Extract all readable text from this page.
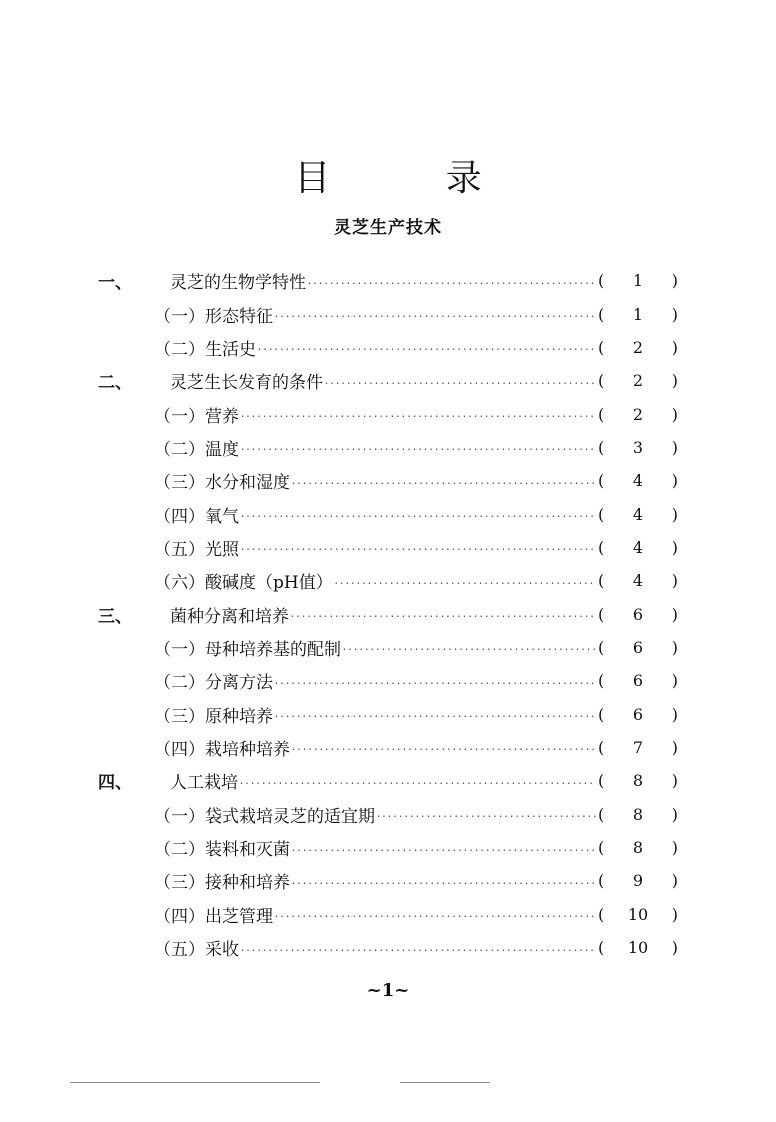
目 录
灵芝生产技术
一、	灵芝的生物学特性 •••••	(	1	)
（一）形态特征 •••••	(	1	)
（二）生活史 •••••	(	2	)
二、	灵芝生长发育的条件 •••••	(	2	)
（一）营养 •••••	(	2	)
（二）温度 •••••	(	3	)
（三）水分和湿度 •••••	(	4	)
（四）氧气 •••••	(	4	)
（五）光照 •••••	(	4	)
（六）酸碱度（pH值） •••••	(	4	)
三、	菌种分离和培养 •••••	(	6	)
（一）母种培养基的配制 •••••	(	6	)
（二）分离方法 •••••	(	6	)
（三）原种培养 •••••	(	6	)
（四）栽培种培养 •••••	(	7	)
四、	人工栽培 •••••	(	8	)
（一）袋式栽培灵芝的适宜期 •••••	(	8	)
（二）装料和灭菌 •••••	(	8	)
（三）接种和培养 •••••	(	9	)
（四）出芝管理 •••••	(	10	)
（五）采收 •••••	(	10	)
~1~
